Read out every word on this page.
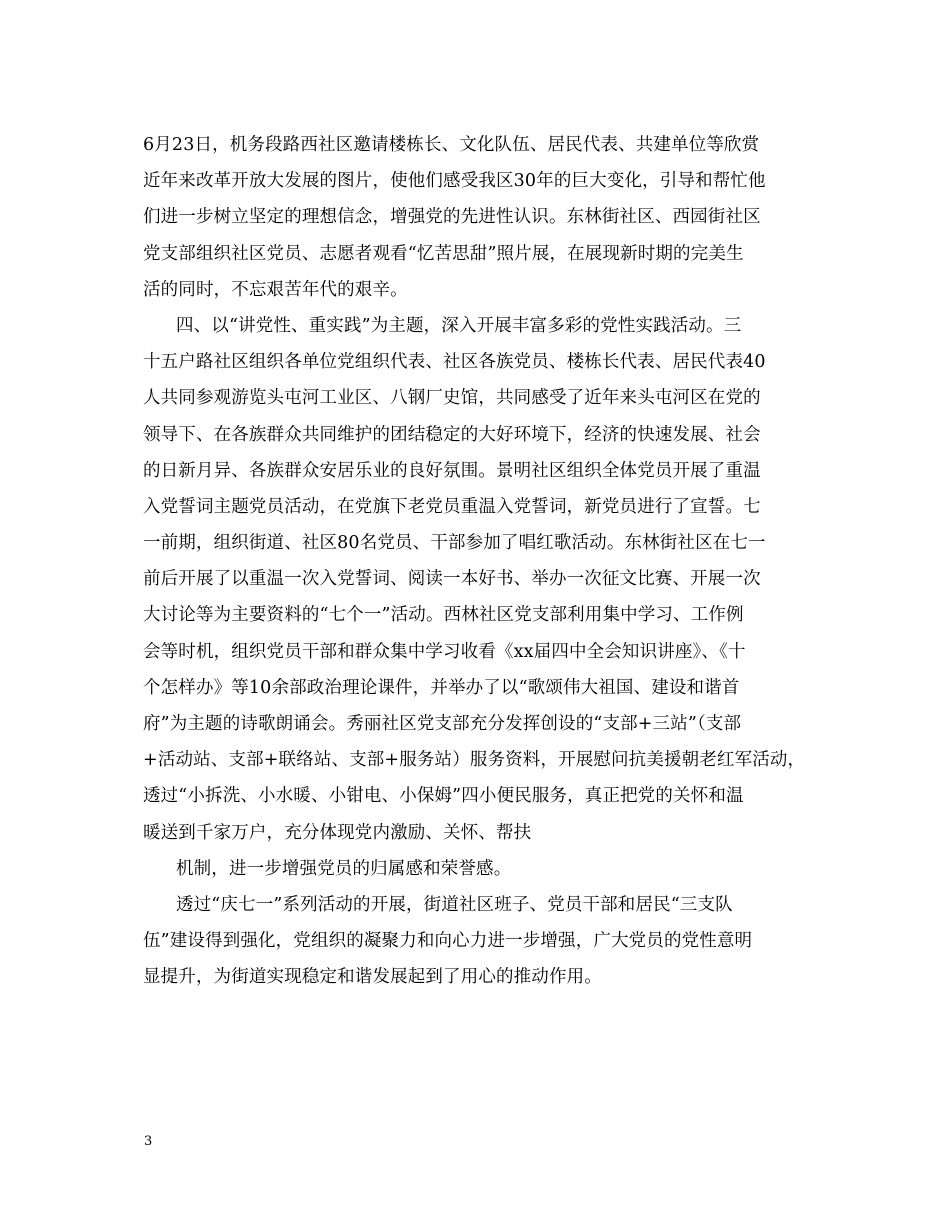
6月23日，机务段路西社区邀请楼栋长、文化队伍、居民代表、共建单位等欣赏
近年来改革开放大发展的图片，使他们感受我区30年的巨大变化，引导和帮忙他
们进一步树立坚定的理想信念，增强党的先进性认识。东林街社区、西园街社区
党支部组织社区党员、志愿者观看“忆苦思甜”照片展，在展现新时期的完美生
活的同时，不忘艰苦年代的艰辛。
四、以“讲党性、重实践”为主题，深入开展丰富多彩的党性实践活动。三
十五户路社区组织各单位党组织代表、社区各族党员、楼栋长代表、居民代表40
人共同参观游览头屯河工业区、八钢厂史馆，共同感受了近年来头屯河区在党的
领导下、在各族群众共同维护的团结稳定的大好环境下，经济的快速发展、社会
的日新月异、各族群众安居乐业的良好氛围。景明社区组织全体党员开展了重温
入党誓词主题党员活动，在党旗下老党员重温入党誓词，新党员进行了宣誓。七
一前期，组织街道、社区80名党员、干部参加了唱红歌活动。东林街社区在七一
前后开展了以重温一次入党誓词、阅读一本好书、举办一次征文比赛、开展一次
大讨论等为主要资料的“七个一”活动。西林社区党支部利用集中学习、工作例
会等时机，组织党员干部和群众集中学习收看《xx届四中全会知识讲座》、《十
个怎样办》等10余部政治理论课件，并举办了以“歌颂伟大祖国、建设和谐首
府”为主题的诗歌朗诵会。秀丽社区党支部充分发挥创设的“支部+三站”（支部
+活动站、支部+联络站、支部+服务站）服务资料，开展慰问抗美援朝老红军活动，
透过“小拆洗、小水暖、小钳电、小保姆”四小便民服务，真正把党的关怀和温
暖送到千家万户，充分体现党内激励、关怀、帮扶
机制，进一步增强党员的归属感和荣誉感。
透过“庆七一”系列活动的开展，街道社区班子、党员干部和居民“三支队
伍”建设得到强化，党组织的凝聚力和向心力进一步增强，广大党员的党性意明
显提升，为街道实现稳定和谐发展起到了用心的推动作用。
3
